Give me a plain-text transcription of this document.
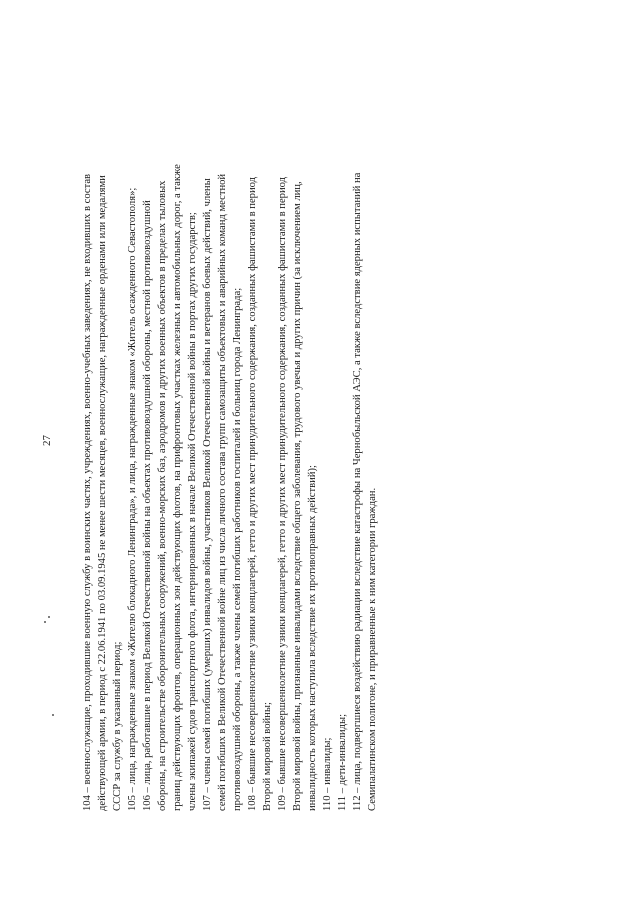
27	104 – военнослужащие, проходившие военную службу в воинских частях, учреждениях, военно-учебных заведениях, не входивших в состав действующей армии, в период с 22.06.1941 по 03.09.1945 не менее шести месяцев, военнослужащие, награжденные орденами или медалями СССР за службу в указанный период; 105 – лица, награжденные знаком «Жителю блокадного Ленинграда», и лица, награжденные знаком «Житель осажденного Севастополя»; 106 – лица, работавшие в период Великой Отечественной войны на объектах противовоздушной обороны, местной противовоздушной обороны, на строительстве оборонительных сооружений, военно-морских баз, аэродромов и других военных объектов в пределах тыловых границ действующих фронтов, операционных зон действующих флотов, на прифронтовых участках железных и автомобильных дорог, а также члены экипажей судов транспортного флота, интернированных в начале Великой Отечественной войны в портах других государств; 107 – члены семей погибших (умерших) инвалидов войны, участников Великой Отечественной войны и ветеранов боевых действий, члены семей погибших в Великой Отечественной войне лиц из числа личного состава групп самозащиты объектовых и аварийных команд местной противовоздушной обороны, а также члены семей погибших работников госпиталей и больниц города Ленинграда; 108 – бывшие несовершеннолетние узники концлагерей, гетто и других мест принудительного содержания, созданных фашистами в период Второй мировой войны; 109 – бывшие несовершеннолетние узники концлагерей, гетто и других мест принудительного содержания, созданных фашистами в период Второй мировой войны, признанные инвалидами вследствие общего заболевания, трудового увечья и других причин (за исключением лиц, инвалидность которых наступила вследствие их противоправных действий); 110 – инвалиды; 111 – дети-инвалиды; 112 – лица, подвергшиеся воздействию радиации вследствие катастрофы на Чернобыльской АЭС, а также вследствие ядерных испытаний на Семипалатинском полигоне, и приравненные к ним категории граждан.
